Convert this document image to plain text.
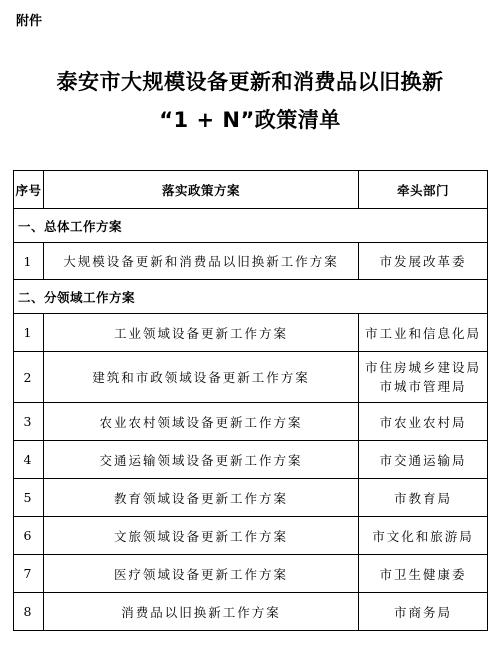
附件
泰安市大规模设备更新和消费品以旧换新
“1 + N”政策清单
序号	落实政策方案	牵头部门
一、总体工作方案		
1	大规模设备更新和消费品以旧换新工作方案	市发展改革委
二、分领域工作方案		
1	工业领域设备更新工作方案	市工业和信息化局
2	建筑和市政领域设备更新工作方案	市住房城乡建设局
市城市管理局

3	农业农村领域设备更新工作方案	市农业农村局
4	交通运输领域设备更新工作方案	市交通运输局
5	教育领域设备更新工作方案	市教育局
6	文旅领域设备更新工作方案	市文化和旅游局
7	医疗领域设备更新工作方案	市卫生健康委
8	消费品以旧换新工作方案	市商务局
